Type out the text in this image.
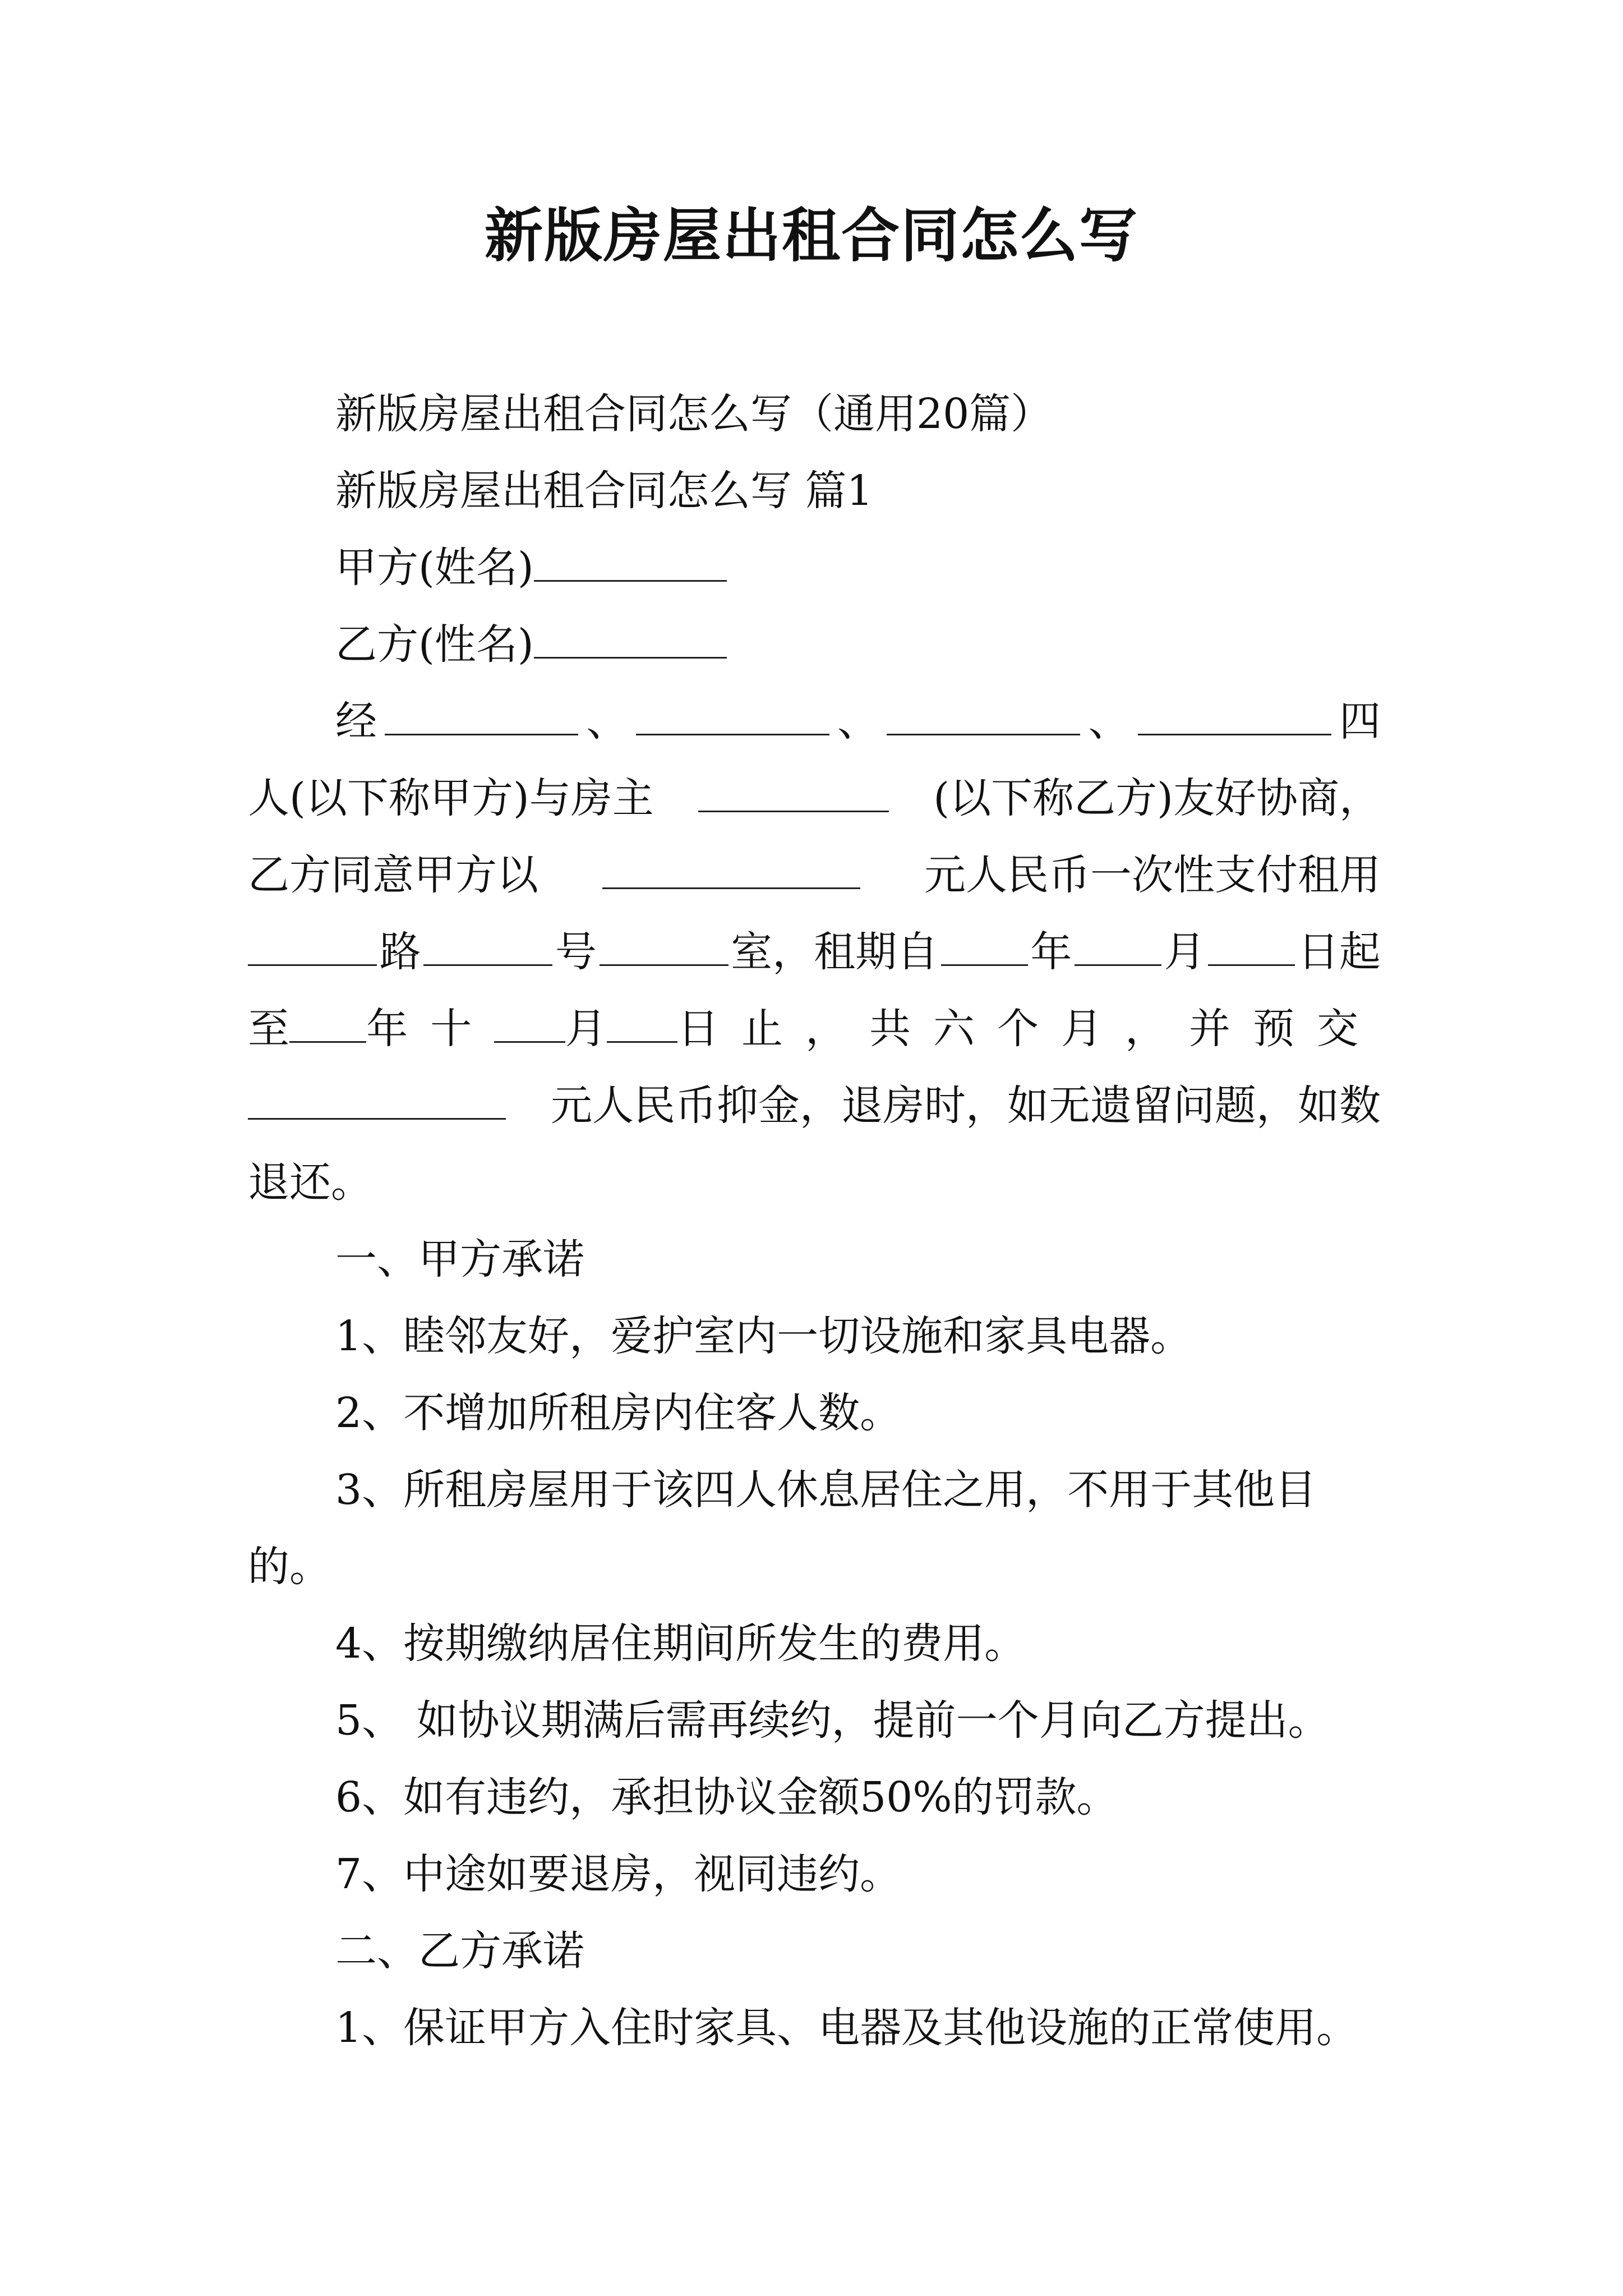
新版房屋出租合同怎么写

新版房屋出租合同怎么写（通用20篇）

新版房屋出租合同怎么写 篇1

甲方(姓名)

乙方(性名)

经	、	、	、	四
人(以下称甲方)与房主	(以下称乙方)友好协商，
乙方同意甲方以	元人民币一次性支付租用
路	号	室，租期自 年 月 日起
至 年十 月 日止， 共六个月， 并预交
元人民币抑金，退房时，如无遗留问题，如数

退还。

一、甲方承诺

1、睦邻友好，爱护室内一切设施和家具电器。

2、不增加所租房内住客人数。

3、所租房屋用于该四人休息居住之用，不用于其他目

的。

4、按期缴纳居住期间所发生的费用。

5、 如协议期满后需再续约，提前一个月向乙方提出。

6、如有违约，承担协议金额50%的罚款。

7、中途如要退房，视同违约。

二、乙方承诺

1、保证甲方入住时家具、电器及其他设施的正常使用。
